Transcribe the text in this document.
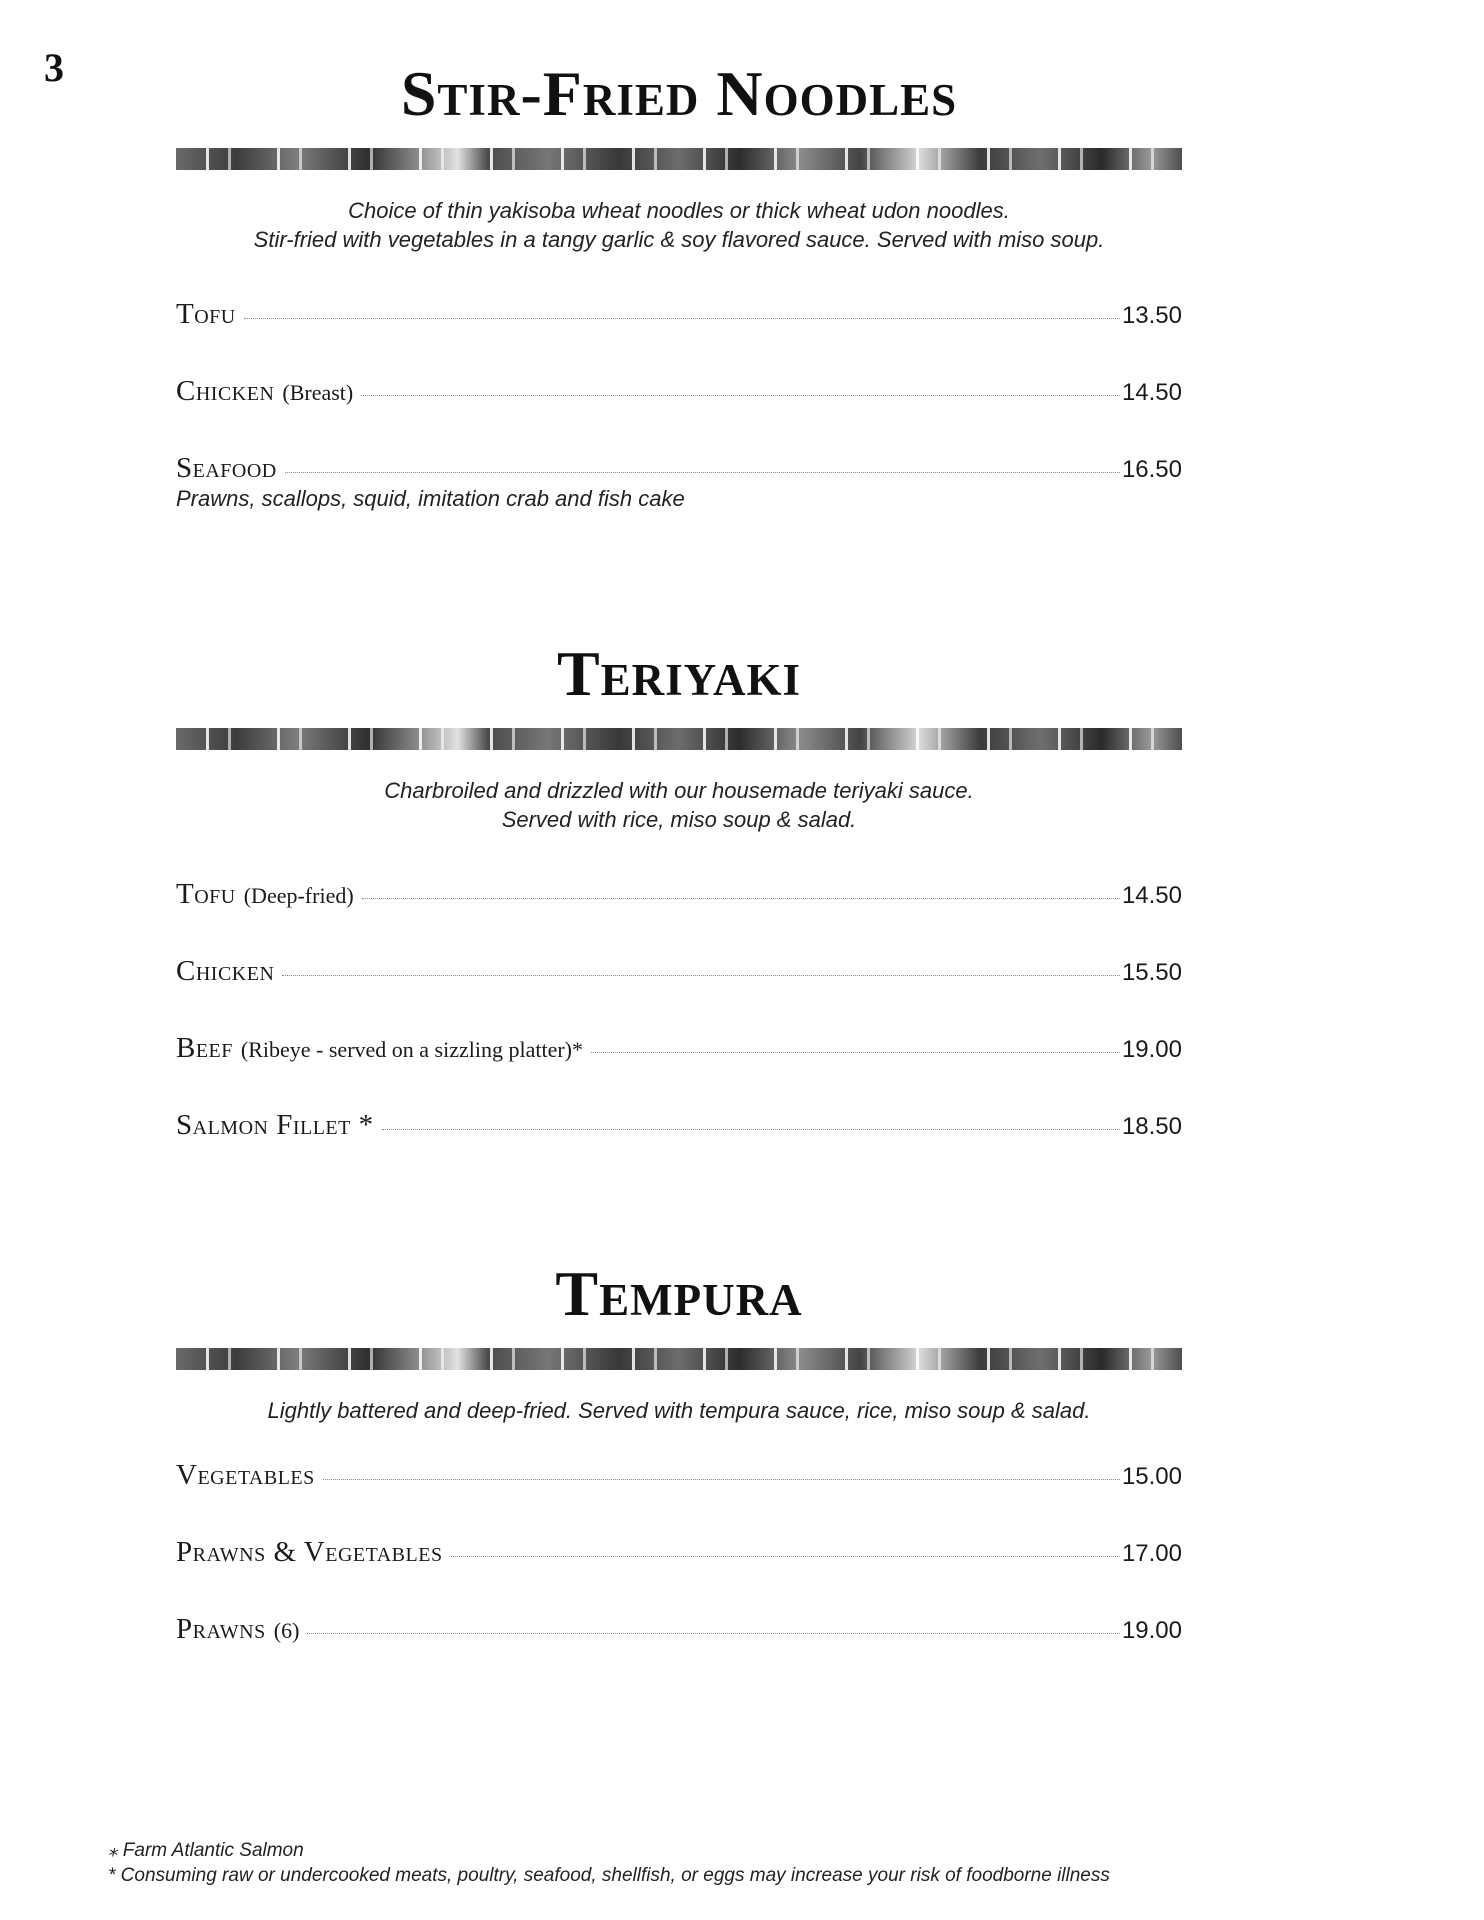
3	Stir-Fried Noodles
Choice of thin yakisoba wheat noodles or thick wheat udon noodles.
Stir-fried with vegetables in a tangy garlic & soy flavored sauce. Served with miso soup.
Tofu	13.50
Chicken (Breast)	14.50
Seafood	16.50
Prawns, scallops, squid, imitation crab and fish cake
Teriyaki
Charbroiled and drizzled with our housemade teriyaki sauce.
Served with rice, miso soup & salad.
Tofu (Deep-fried)	14.50
Chicken	15.50
Beef (Ribeye - served on a sizzling platter)*	19.00
Salmon Fillet *	18.50
Tempura
Lightly battered and deep-fried. Served with tempura sauce, rice, miso soup & salad.
Vegetables	15.00
Prawns & Vegetables	17.00
Prawns (6)	19.00
⁎ Farm Atlantic Salmon
* Consuming raw or undercooked meats, poultry, seafood, shellfish, or eggs may increase your risk of foodborne illness
